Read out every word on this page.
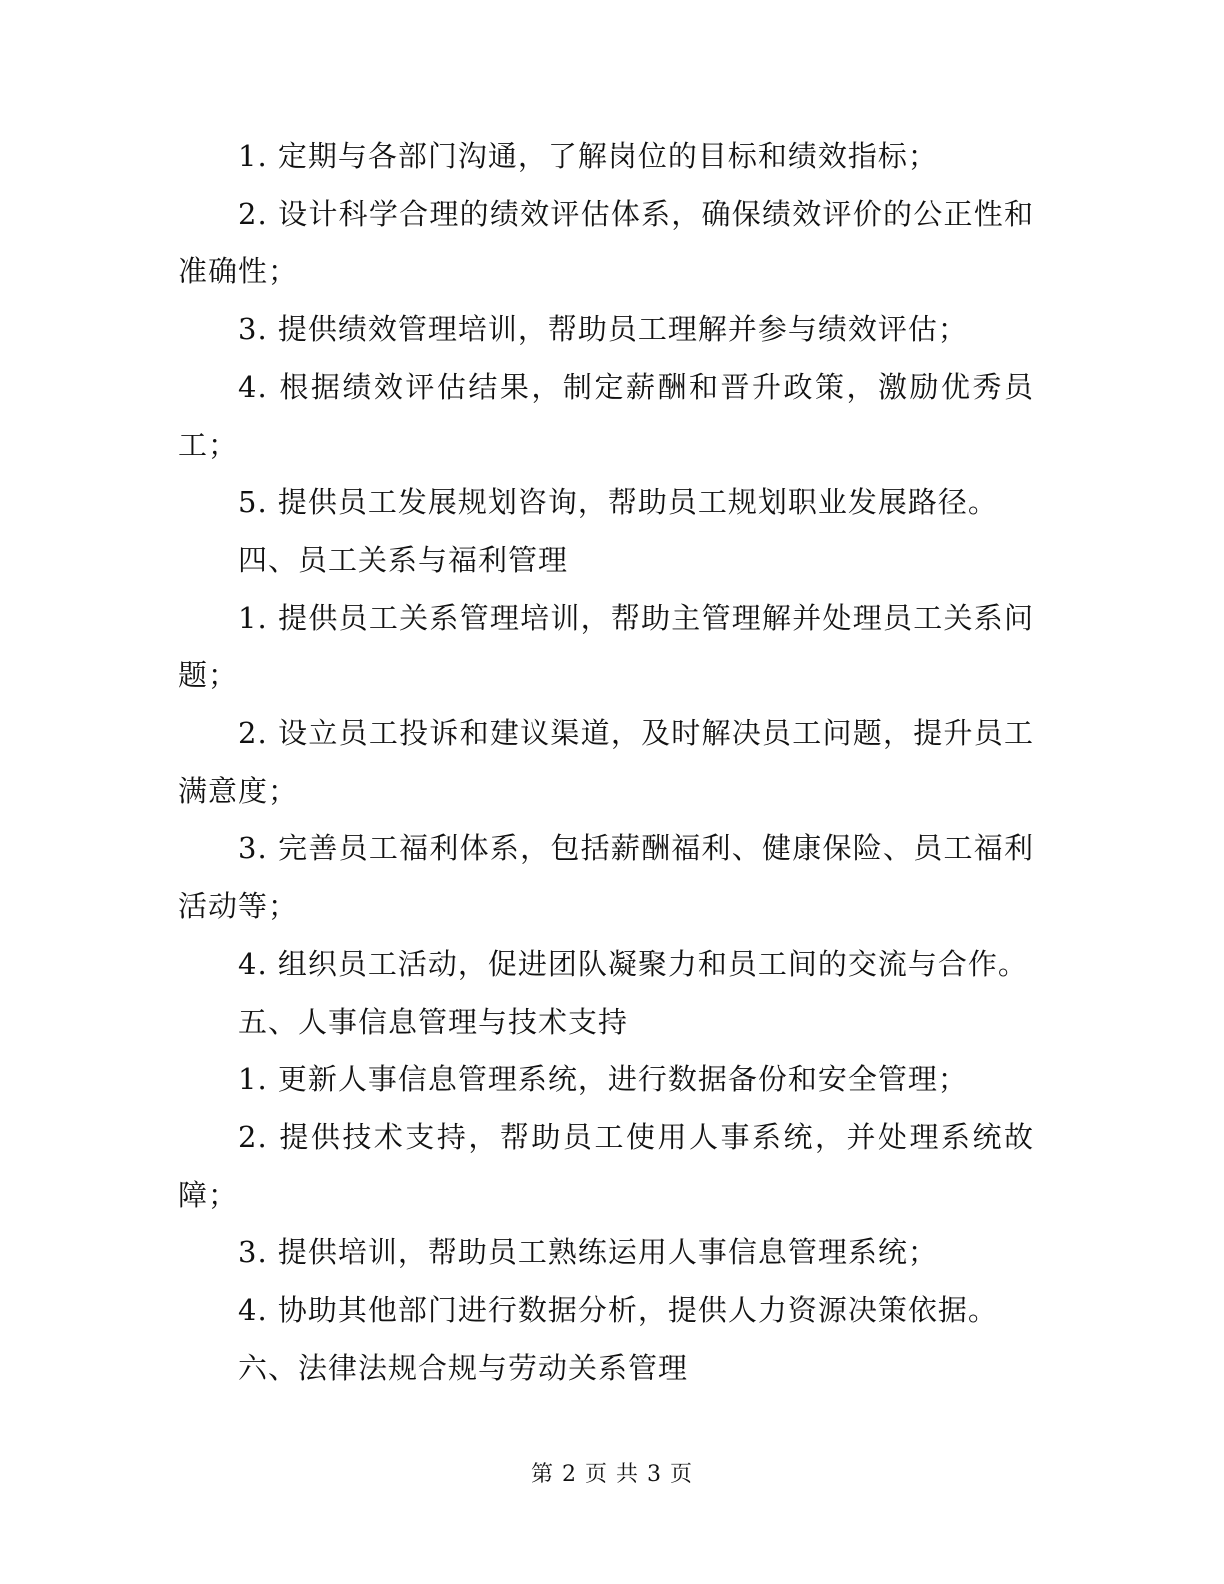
1. 定期与各部门沟通，了解岗位的目标和绩效指标；

2. 设计科学合理的绩效评估体系，确保绩效评价的公正性和准确性；

3. 提供绩效管理培训，帮助员工理解并参与绩效评估；

4. 根据绩效评估结果，制定薪酬和晋升政策，激励优秀员工；

5. 提供员工发展规划咨询，帮助员工规划职业发展路径。

四、员工关系与福利管理

1. 提供员工关系管理培训，帮助主管理解并处理员工关系问题；

2. 设立员工投诉和建议渠道，及时解决员工问题，提升员工满意度；

3. 完善员工福利体系，包括薪酬福利、健康保险、员工福利活动等；

4. 组织员工活动，促进团队凝聚力和员工间的交流与合作。

五、人事信息管理与技术支持

1. 更新人事信息管理系统，进行数据备份和安全管理；

2. 提供技术支持，帮助员工使用人事系统，并处理系统故障；

3. 提供培训，帮助员工熟练运用人事信息管理系统；

4. 协助其他部门进行数据分析，提供人力资源决策依据。

六、法律法规合规与劳动关系管理

第 2 页 共 3 页
